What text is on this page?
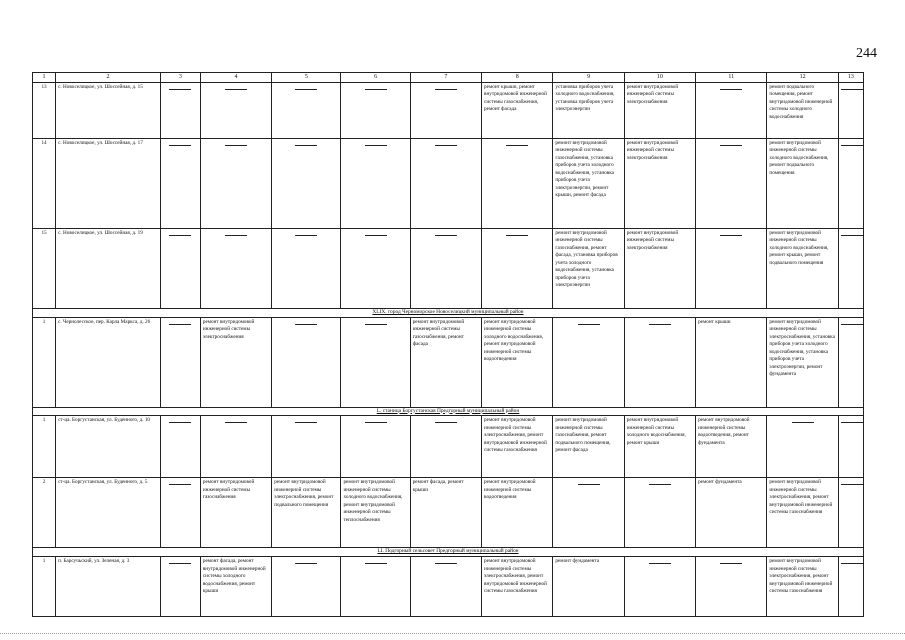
244
1	2	3	4	5	6	7	8	9	10	11	12	13
13	с. Новоселицкое, ул. Шоссейная, д. 15						ремонт крыши, ремонт внутридомовой инженерной системы газоснабжения, ремонт фасада	установка приборов учета холодного водоснабжения, установка приборов учета электроэнергии	ремонт внутридомовой инженерной системы электроснабжения		ремонт подвального помещения, ремонт внутридомовой инженерной системы холодного водоснабжения	
14	с. Новоселицкое, ул. Шоссейная, д. 17							ремонт внутридомовой инженерной системы газоснабжения, установка приборов учета холодного водоснабжения, установка приборов учета электроэнергии, ремонт крыши, ремонт фасада	ремонт внутридомовой инженерной системы электроснабжения		ремонт внутридомовой инженерной системы холодного водоснабжения, ремонт подвального помещения	
15	с. Новоселицкое, ул. Шоссейная, д. 19							ремонт внутридомовой инженерной системы газоснабжения, ремонт фасада, установка приборов учета холодного водоснабжения, установка приборов учета электроэнергии	ремонт внутридомовой инженерной системы электроснабжения		ремонт внутридомовой инженерной системы холодного водоснабжения, ремонт крыши, ремонт подвального помещения	
XLIX. город Черноморское Новоселицкий муниципальный район												
1	с. Чернолесское, пер. Карла Маркса, д. 26		ремонт внутридомовой инженерной системы электроснабжения			ремонт внутридомовой инженерной системы газоснабжения, ремонт фасада	ремонт внутридомовой инженерной системы холодного водоснабжения, ремонт внутридомовой инженерной системы водоотведения			ремонт крыши	ремонт внутридомовой инженерной системы электроснабжения, установка приборов учета холодного водоснабжения, установка приборов учета электроэнергии, ремонт фундамента	
L. станица Боргустанская Предгорный муниципальный район												
1	ст-ца. Боргустанская, ул. Буденного, д. 10						ремонт внутридомовой инженерной системы электроснабжения, ремонт внутридомовой инженерной системы газоснабжения	ремонт внутридомовой инженерной системы газоснабжения, ремонт подвального помещения, ремонт фасада	ремонт внутридомовой инженерной системы холодного водоснабжения, ремонт крыши	ремонт внутридомовой инженерной системы водоотведения, ремонт фундамента		
2	ст-ца. Боргустанская, ул. Буденного, д. 5		ремонт внутридомовой инженерной системы газоснабжения	ремонт внутридомовой инженерной системы электроснабжения, ремонт подвального помещения	ремонт внутридомовой инженерной системы холодного водоснабжения, ремонт внутридомовой инженерной системы теплоснабжения	ремонт фасада, ремонт крыши	ремонт внутридомовой инженерной системы водоотведения			ремонт фундамента	ремонт внутридомовой инженерной системы электроснабжения, ремонт внутридомовой инженерной системы газоснабжения	
LI. Подгорный сельсовет Предгорный муниципальный район												
1	п. Барсучьский, ул. Зеленая, д. 3		ремонт фасада, ремонт внутридомовой инженерной системы холодного водоснабжения, ремонт крыши				ремонт внутридомовой инженерной системы электроснабжения, ремонт внутридомовой инженерной системы газоснабжения	ремонт фундамента			ремонт внутридомовой инженерной системы электроснабжения, ремонт внутридомовой инженерной системы газоснабжения	
